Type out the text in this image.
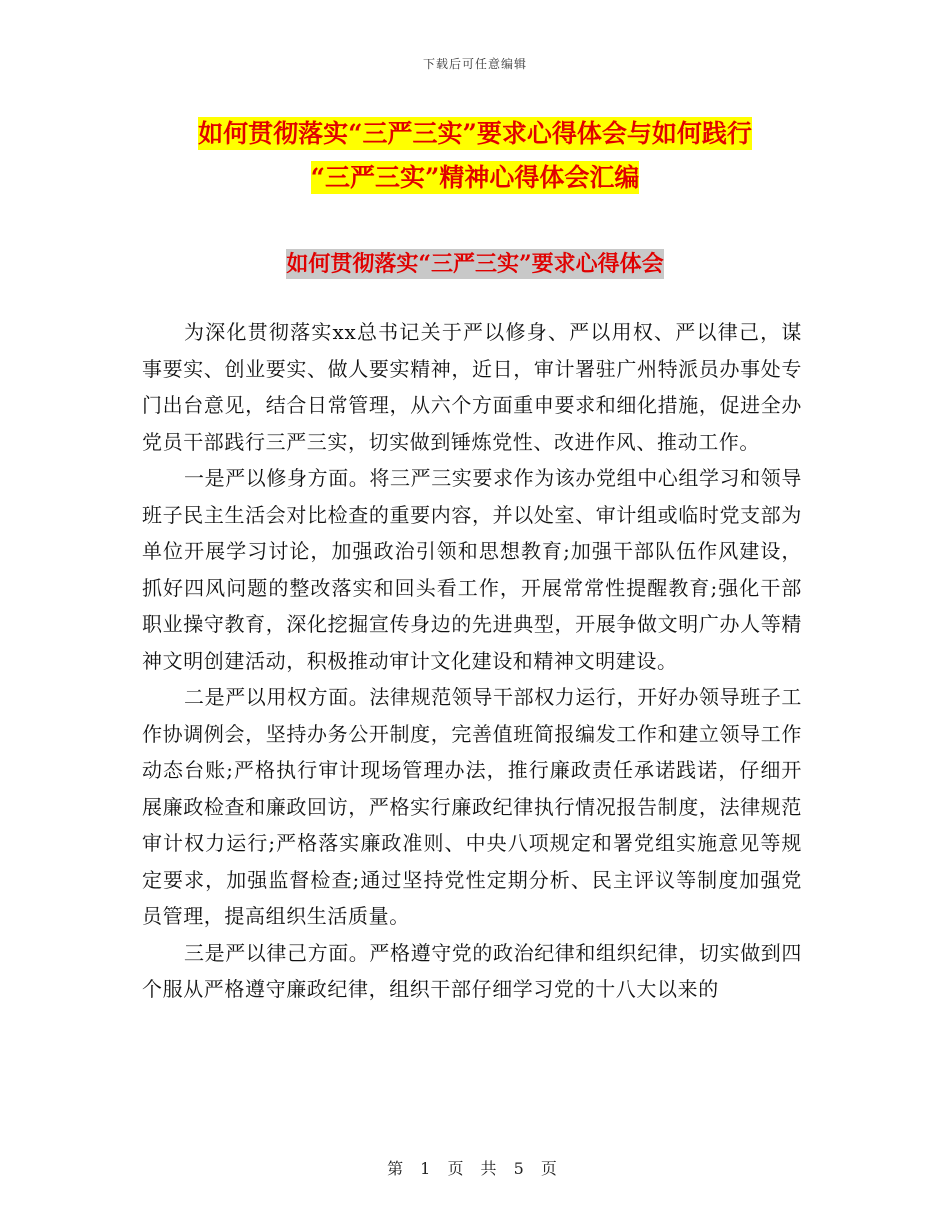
下载后可任意编辑
如何贯彻落实“三严三实”要求心得体会与如何践行
“三严三实”精神心得体会汇编
如何贯彻落实“三严三实”要求心得体会

为深化贯彻落实xx总书记关于严以修身、严以用权、严以律己，谋事要实、创业要实、做人要实精神，近日，审计署驻广州特派员办事处专门出台意见，结合日常管理，从六个方面重申要求和细化措施，促进全办党员干部践行三严三实，切实做到锤炼党性、改进作风、推动工作。

一是严以修身方面。将三严三实要求作为该办党组中心组学习和领导班子民主生活会对比检查的重要内容，并以处室、审计组或临时党支部为单位开展学习讨论，加强政治引领和思想教育;加强干部队伍作风建设，抓好四风问题的整改落实和回头看工作，开展常常性提醒教育;强化干部职业操守教育，深化挖掘宣传身边的先进典型，开展争做文明广办人等精神文明创建活动，积极推动审计文化建设和精神文明建设。

二是严以用权方面。法律规范领导干部权力运行，开好办领导班子工作协调例会，坚持办务公开制度，完善值班简报编发工作和建立领导工作动态台账;严格执行审计现场管理办法，推行廉政责任承诺践诺，仔细开展廉政检查和廉政回访，严格实行廉政纪律执行情况报告制度，法律规范审计权力运行;严格落实廉政准则、中央八项规定和署党组实施意见等规定要求，加强监督检查;通过坚持党性定期分析、民主评议等制度加强党员管理，提高组织生活质量。

三是严以律己方面。严格遵守党的政治纪律和组织纪律，切实做到四个服从严格遵守廉政纪律，组织干部仔细学习党的十八大以来的

第 1 页 共 5 页
